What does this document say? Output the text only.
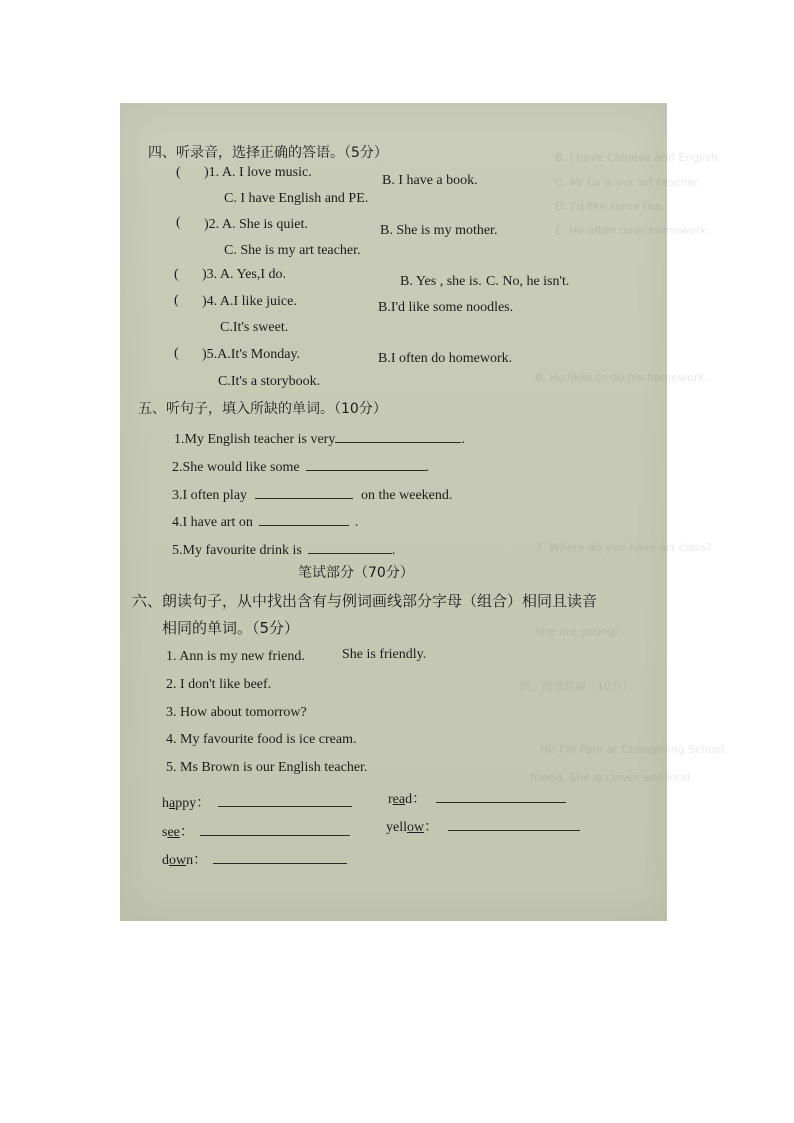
B. I have Chinese and English.
C. Mr Lu is our art teacher.
D. I'd like some tea.
E. He often does homework.
A. He likes to do his homework.
3. Where do you have art class?
She are young?
四、阅读理解（10分）
Hi! I'm Pam at Changming School.
friend. She is clever and kind.
四、听录音，选择正确的答语。（5分）
( )1. A. I love music.
B. I have a book.
C. I have English and PE.
( )2. A. She is quiet.	B. She is my mother.
C. She is my art teacher.
( )3. A. Yes,I do.	B. Yes , she is. C. No, he isn't.
( )4. A.I like juice.	B.I'd like some noodles.
C.It's sweet.
( )5.A.It's Monday.	B.I often do homework.
C.It's a storybook.
五、听句子，填入所缺的单词。（10分）
1.My English teacher is very	.
2.She would like some	.
3.I often play	on the weekend.
4.I have art on	.
5.My favourite drink is	.
笔试部分（70分）
六、朗读句子，从中找出含有与例词画线部分字母（组合）相同且读音
相同的单词。（5分）
1. Ann is my new friend.	She is friendly.
2. I don't like beef.
3. How about tomorrow?
4. My favourite food is ice cream.
5. Ms Brown is our English teacher.
happy：	read：
see：	yellow：
down：
